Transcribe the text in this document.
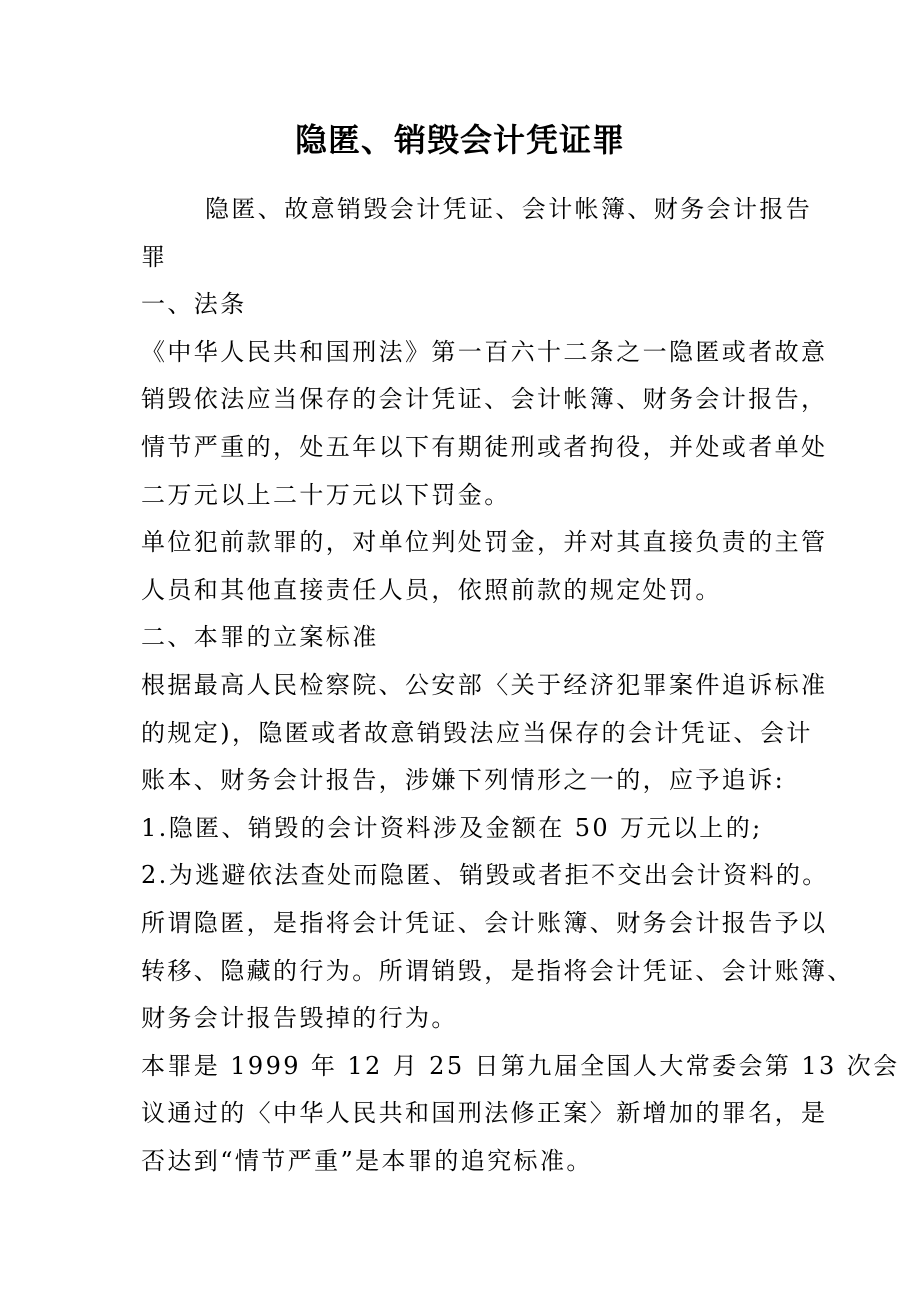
隐匿、销毁会计凭证罪
隐匿、故意销毁会计凭证、会计帐簿、财务会计报告
罪
一、法条
《中华人民共和国刑法》第一百六十二条之一隐匿或者故意
销毁依法应当保存的会计凭证、会计帐簿、财务会计报告，
情节严重的，处五年以下有期徒刑或者拘役，并处或者单处
二万元以上二十万元以下罚金。
单位犯前款罪的，对单位判处罚金，并对其直接负责的主管
人员和其他直接责任人员，依照前款的规定处罚。
二、本罪的立案标准
根据最高人民检察院、公安部〈关于经济犯罪案件追诉标准
的规定)，隐匿或者故意销毁法应当保存的会计凭证、会计
账本、财务会计报告，涉嫌下列情形之一的，应予追诉:
1.隐匿、销毁的会计资料涉及金额在 50 万元以上的;
2.为逃避依法查处而隐匿、销毁或者拒不交出会计资料的。
所谓隐匿，是指将会计凭证、会计账簿、财务会计报告予以
转移、隐藏的行为。所谓销毁，是指将会计凭证、会计账簿、
财务会计报告毁掉的行为。
本罪是 1999 年 12 月 25 日第九届全国人大常委会第 13 次会
议通过的〈中华人民共和国刑法修正案〉新增加的罪名，是
否达到“情节严重”是本罪的追究标准。
